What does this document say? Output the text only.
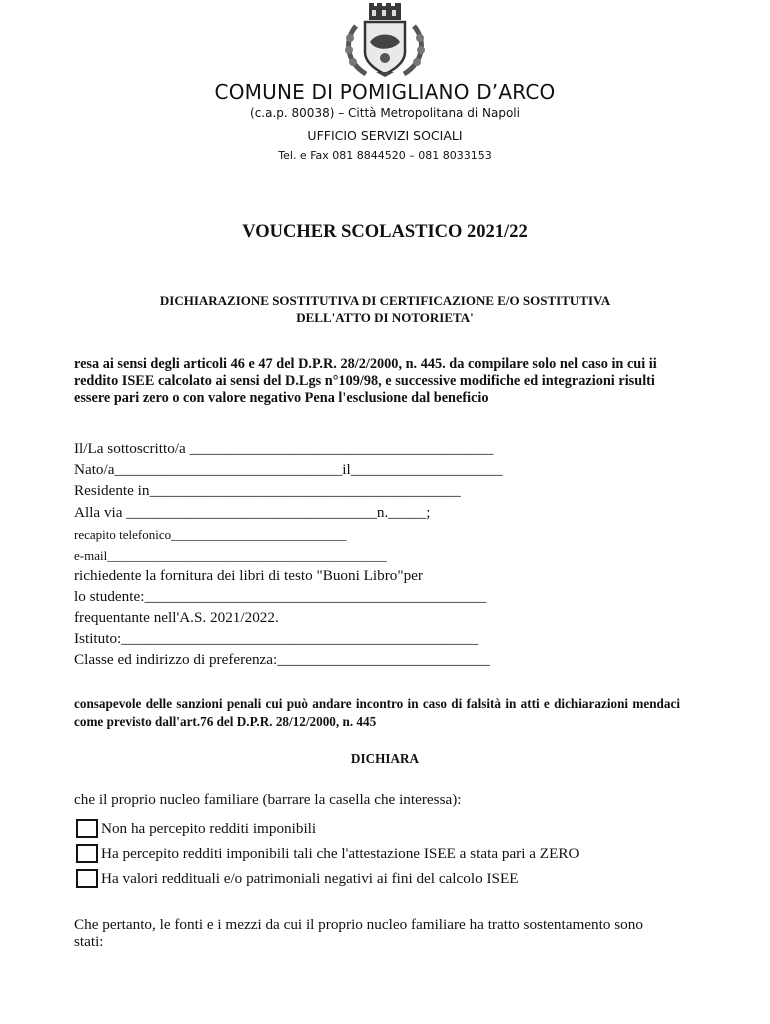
COMUNE DI POMIGLIANO D’ARCO
(c.a.p. 80038) – Città Metropolitana di Napoli
UFFICIO SERVIZI SOCIALI
Tel. e Fax 081 8844520 – 081 8033153
VOUCHER SCOLASTICO 2021/22
DICHIARAZIONE SOSTITUTIVA DI CERTIFICAZIONE E/O SOSTITUTIVA
DELL'ATTO DI NOTORIETA'
resa ai sensi degli articoli 46 e 47 del D.P.R. 28/2/2000, n. 445. da compilare solo nel caso in cui ii reddito ISEE calcolato ai sensi del D.Lgs n°109/98, e successive modifiche ed integrazioni risulti essere pari zero o con valore negativo Pena l'esclusione dal beneficio
Il/La sottoscritto/a ________________________________________
Nato/a______________________________il____________________
Residente in_________________________________________
Alla via _________________________________n._____;
recapito telefonico___________________________
e-mail___________________________________________
richiedente la fornitura dei libri di testo "Buoni Libro"per
lo studente:_____________________________________________
frequentante nell'A.S. 2021/2022.
Istituto:_______________________________________________
Classe ed indirizzo di preferenza:____________________________
consapevole delle sanzioni penali cui può andare incontro in caso di falsità in atti e dichiarazioni mendaci come previsto dall'art.76 del D.P.R. 28/12/2000, n. 445
DICHIARA
che il proprio nucleo familiare (barrare la casella che interessa):
Non ha percepito redditi imponibili
Ha percepito redditi imponibili tali che l'attestazione ISEE a stata pari a ZERO
Ha valori reddituali e/o patrimoniali negativi ai fini del calcolo ISEE
Che pertanto, le fonti e i mezzi da cui il proprio nucleo familiare ha tratto sostentamento sono stati:
